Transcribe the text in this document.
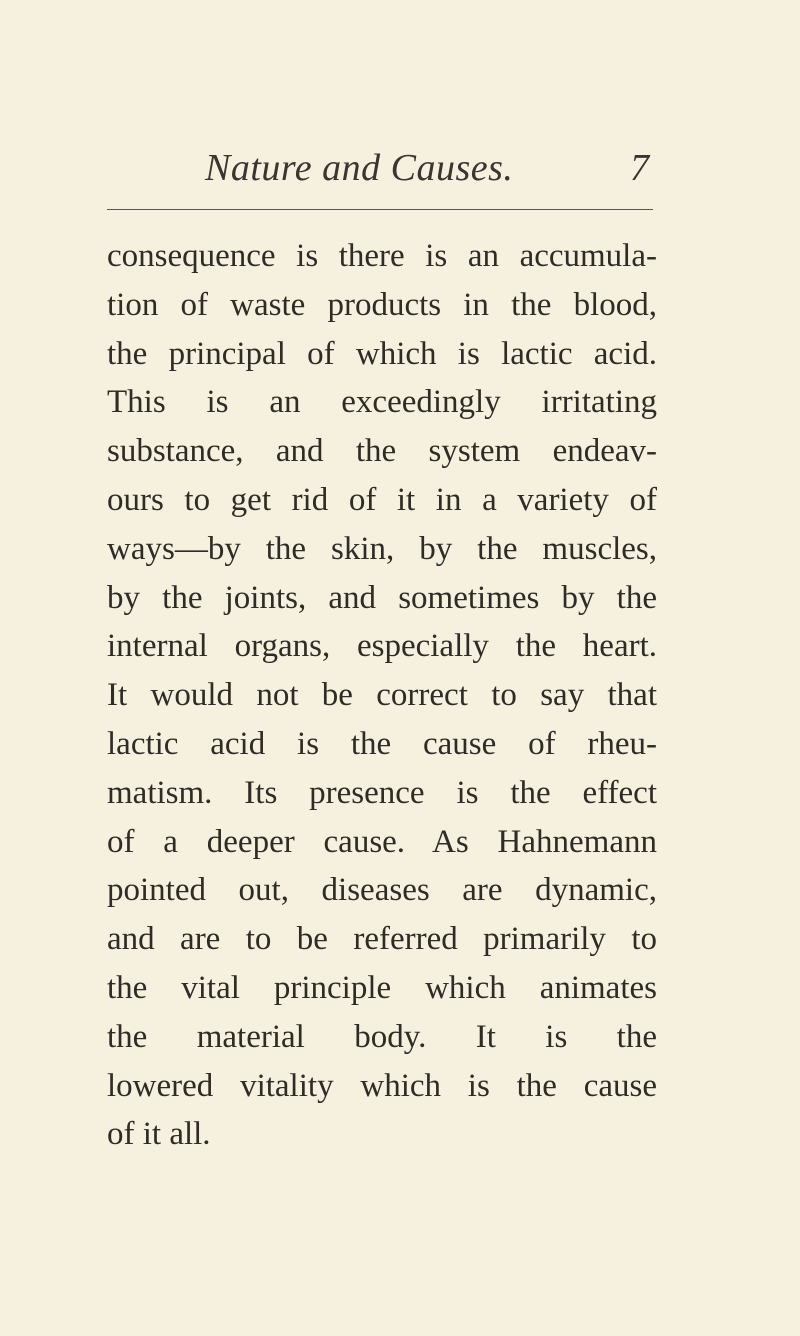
Nature and Causes.	7
consequence is there is an accumula-
tion of waste products in the blood,
the principal of which is lactic acid.
This is an exceedingly irritating
substance, and the system endeav-
ours to get rid of it in a variety of
ways—by the skin, by the muscles,
by the joints, and sometimes by the
internal organs, especially the heart.
It would not be correct to say that
lactic acid is the cause of rheu-
matism. Its presence is the effect
of a deeper cause. As Hahnemann
pointed out, diseases are dynamic,
and are to be referred primarily to
the vital principle which animates
the material body. It is the
lowered vitality which is the cause
of it all.
